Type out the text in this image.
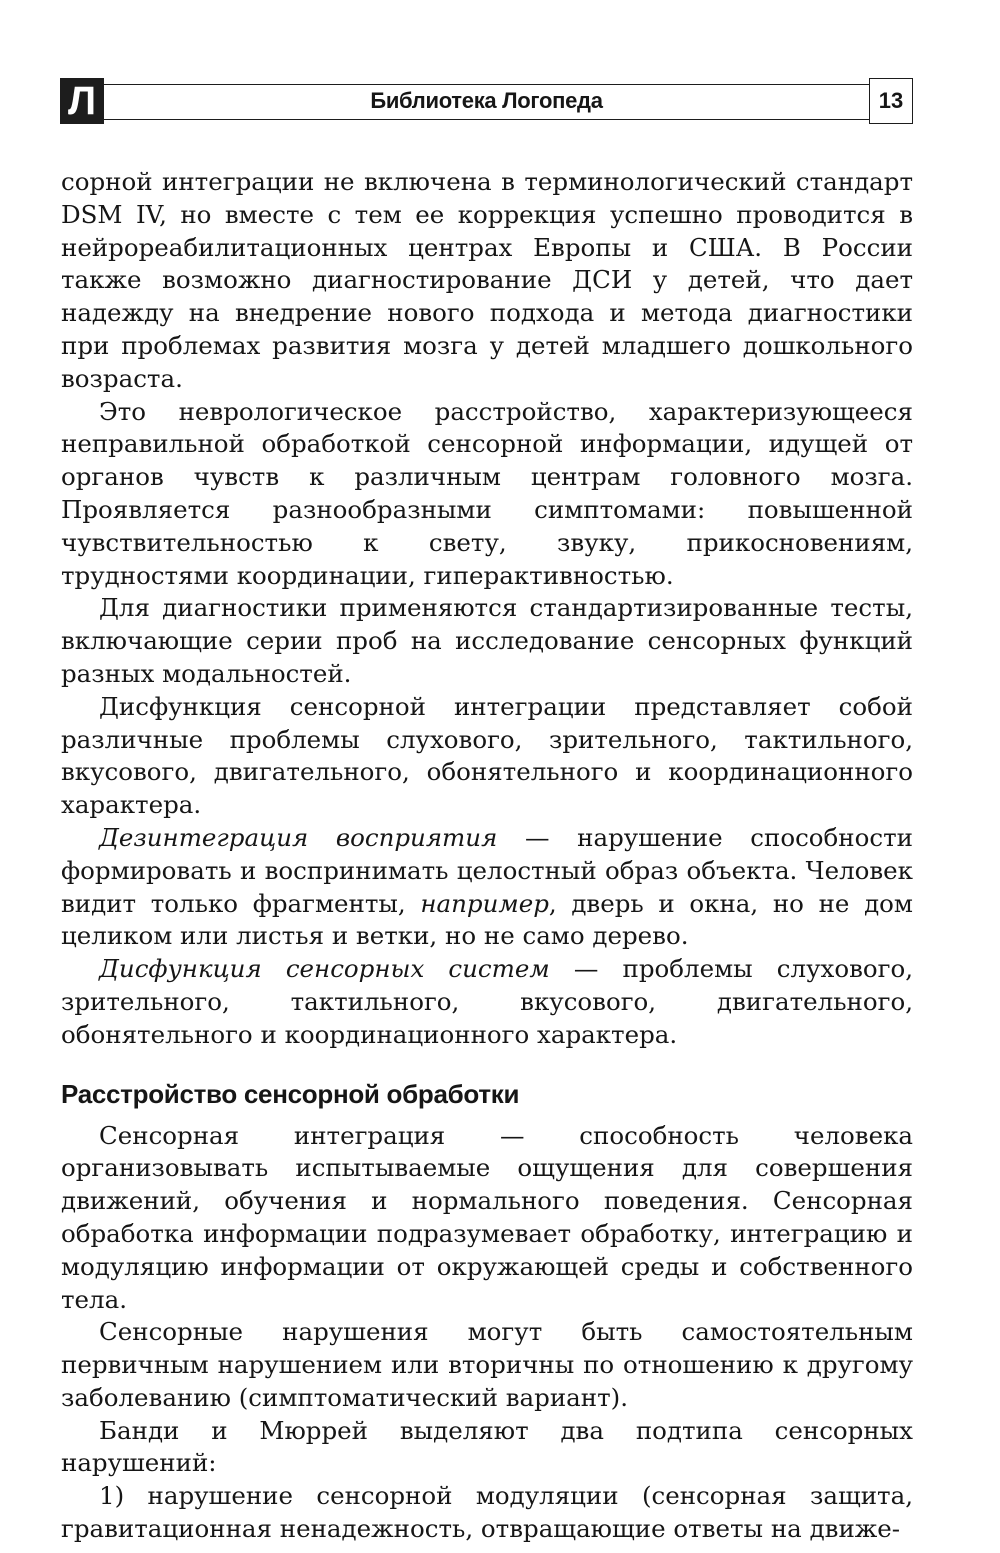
Л	Библиотека Логопеда	13

сорной интеграции не включена в терминологический стандарт DSM IV, но вместе с тем ее коррекция успешно проводится в нейрореабилитационных центрах Европы и США. В России также возможно диагностирование ДСИ у детей, что дает надежду на внедрение нового подхода и метода диагностики при проблемах развития мозга у детей младшего дошкольного возраста.

Это неврологическое расстройство, характеризующееся неправильной обработкой сенсорной информации, идущей от органов чувств к различным центрам головного мозга. Проявляется разнообразными симптомами: повышенной чувствительностью к свету, звуку, прикосновениям, трудностями координации, гиперактивностью.

Для диагностики применяются стандартизированные тесты, включающие серии проб на исследование сенсорных функций разных модальностей.

Дисфункция сенсорной интеграции представляет собой различные проблемы слухового, зрительного, тактильного, вкусового, двигательного, обонятельного и координационного характера.

Дезинтеграция восприятия — нарушение способности формировать и воспринимать целостный образ объекта. Человек видит только фрагменты, например, дверь и окна, но не дом целиком или листья и ветки, но не само дерево.

Дисфункция сенсорных систем — проблемы слухового, зрительного, тактильного, вкусового, двигательного, обонятельного и координационного характера.

Расстройство сенсорной обработки

Сенсорная интеграция — способность человека организовывать испытываемые ощущения для совершения движений, обучения и нормального поведения. Сенсорная обработка информации подразумевает обработку, интеграцию и модуляцию информации от окружающей среды и собственного тела.

Сенсорные нарушения могут быть самостоятельным первичным нарушением или вторичны по отношению к другому заболеванию (симптоматический вариант).

Банди и Мюррей выделяют два подтипа сенсорных нарушений:

1) нарушение сенсорной модуляции (сенсорная защита, гравитационная ненадежность, отвращающие ответы на движе-
